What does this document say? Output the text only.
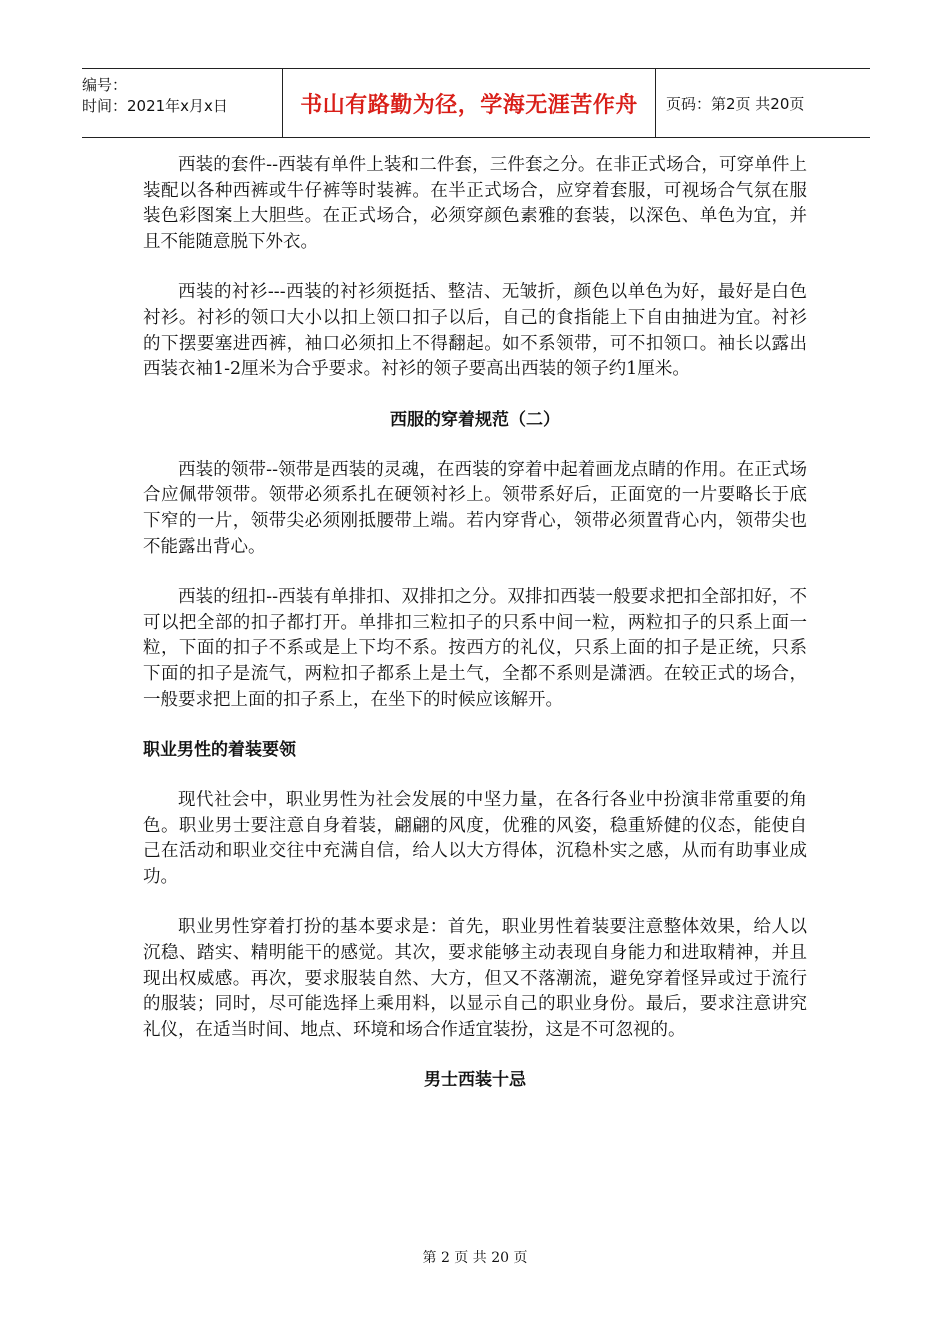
编号：
时间：2021年x月x日	书山有路勤为径，学海无涯苦作舟	页码：第2页 共20页

西装的套件--西装有单件上装和二件套，三件套之分。在非正式场合，可穿单件上装配以各种西裤或牛仔裤等时装裤。在半正式场合，应穿着套服，可视场合气氛在服装色彩图案上大胆些。在正式场合，必须穿颜色素雅的套装，以深色、单色为宜，并且不能随意脱下外衣。

西装的衬衫---西装的衬衫须挺括、整洁、无皱折，颜色以单色为好，最好是白色衬衫。衬衫的领口大小以扣上领口扣子以后，自己的食指能上下自由抽进为宜。衬衫的下摆要塞进西裤，袖口必须扣上不得翻起。如不系领带，可不扣领口。袖长以露出西装衣袖1-2厘米为合乎要求。衬衫的领子要高出西装的领子约1厘米。

西服的穿着规范（二）

西装的领带--领带是西装的灵魂，在西装的穿着中起着画龙点睛的作用。在正式场合应佩带领带。领带必须系扎在硬领衬衫上。领带系好后，正面宽的一片要略长于底下窄的一片，领带尖必须刚抵腰带上端。若内穿背心，领带必须置背心内，领带尖也不能露出背心。

西装的纽扣--西装有单排扣、双排扣之分。双排扣西装一般要求把扣全部扣好，不可以把全部的扣子都打开。单排扣三粒扣子的只系中间一粒，两粒扣子的只系上面一粒，下面的扣子不系或是上下均不系。按西方的礼仪，只系上面的扣子是正统，只系下面的扣子是流气，两粒扣子都系上是土气，全都不系则是潇洒。在较正式的场合，一般要求把上面的扣子系上，在坐下的时候应该解开。

职业男性的着装要领

现代社会中，职业男性为社会发展的中坚力量，在各行各业中扮演非常重要的角色。职业男士要注意自身着装，翩翩的风度，优雅的风姿，稳重矫健的仪态，能使自己在活动和职业交往中充满自信，给人以大方得体，沉稳朴实之感，从而有助事业成功。

职业男性穿着打扮的基本要求是：首先，职业男性着装要注意整体效果，给人以沉稳、踏实、精明能干的感觉。其次，要求能够主动表现自身能力和进取精神，并且现出权威感。再次，要求服装自然、大方，但又不落潮流，避免穿着怪异或过于流行的服装；同时，尽可能选择上乘用料，以显示自己的职业身份。最后，要求注意讲究礼仪，在适当时间、地点、环境和场合作适宜装扮，这是不可忽视的。

男士西装十忌
第 2 页 共 20 页
